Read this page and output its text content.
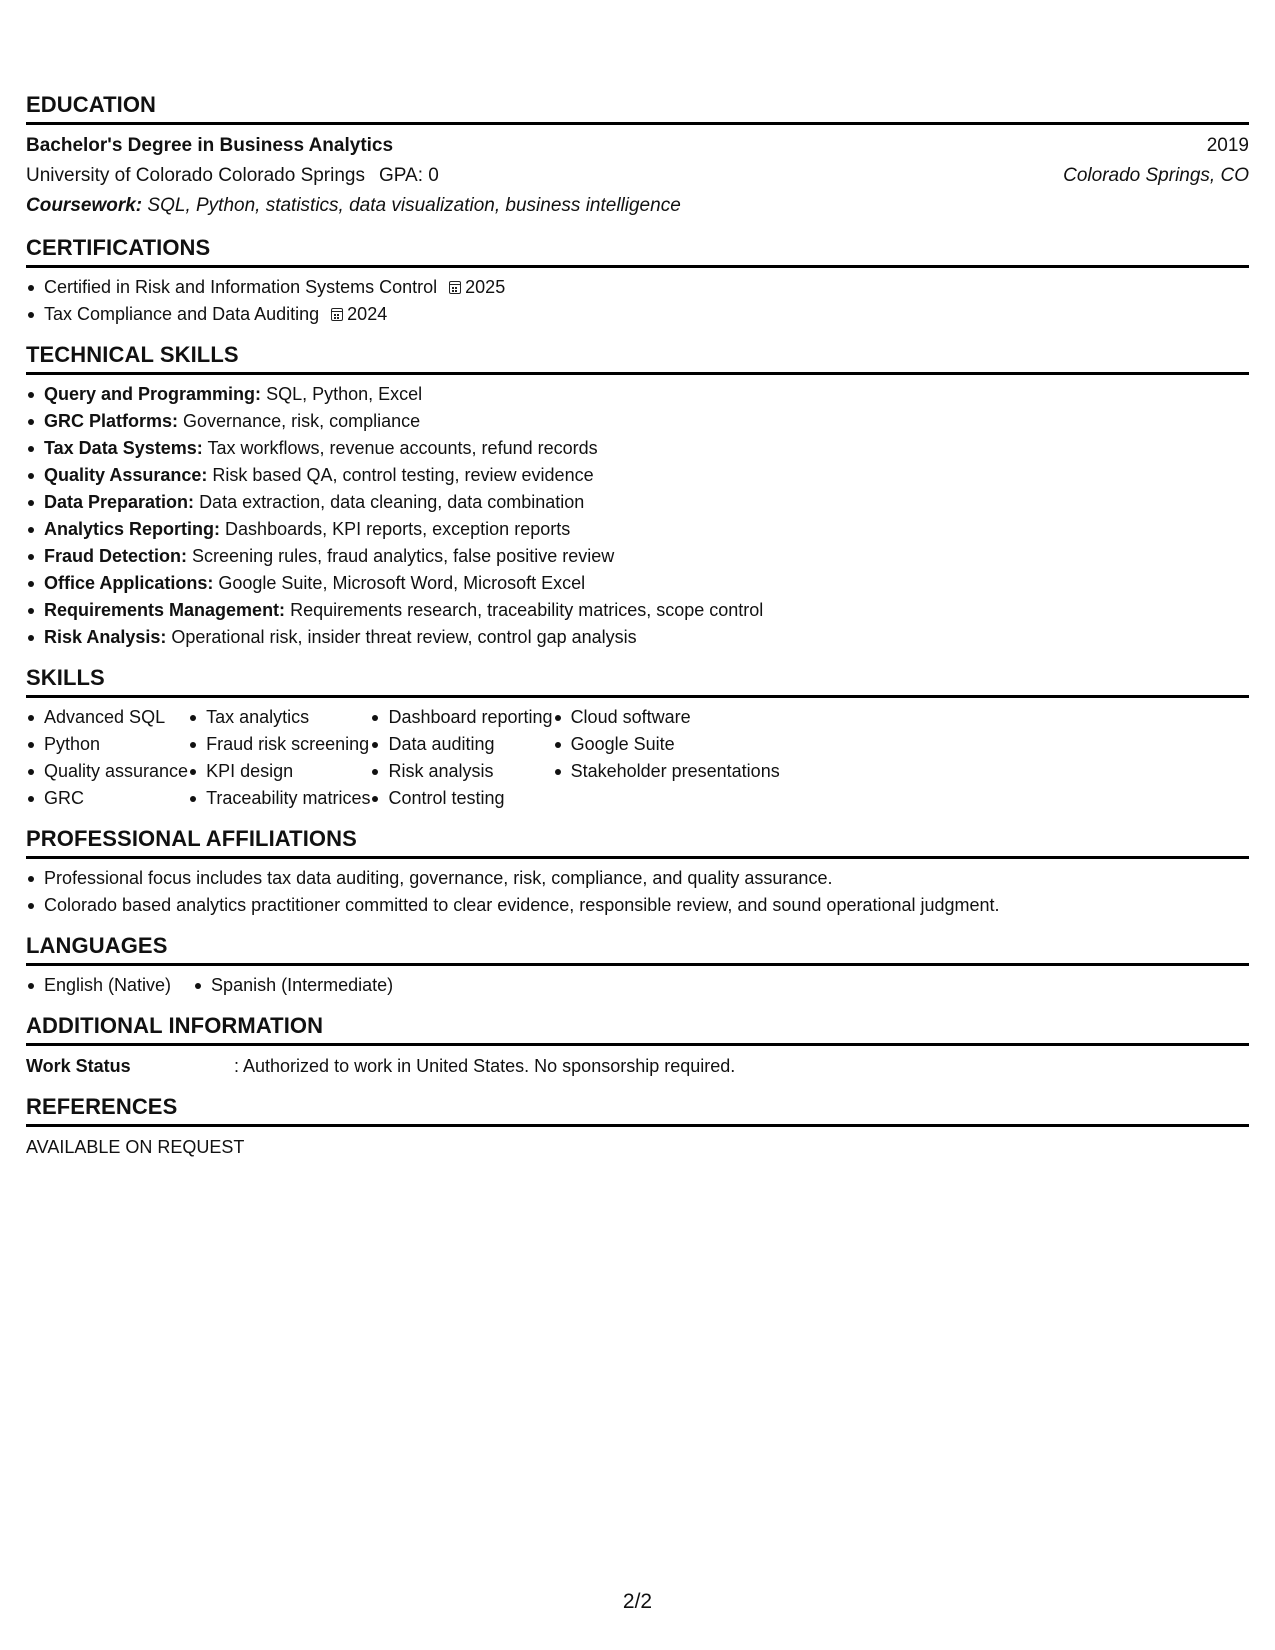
EDUCATION
Bachelor's Degree in Business Analytics	2019
University of Colorado Colorado Springs GPA: 0	Colorado Springs, CO
Coursework: SQL, Python, statistics, data visualization, business intelligence
CERTIFICATIONS
Certified in Risk and Information Systems Control 2025
Tax Compliance and Data Auditing 2024
TECHNICAL SKILLS
Query and Programming: SQL, Python, Excel
GRC Platforms: Governance, risk, compliance
Tax Data Systems: Tax workflows, revenue accounts, refund records
Quality Assurance: Risk based QA, control testing, review evidence
Data Preparation: Data extraction, data cleaning, data combination
Analytics Reporting: Dashboards, KPI reports, exception reports
Fraud Detection: Screening rules, fraud analytics, false positive review
Office Applications: Google Suite, Microsoft Word, Microsoft Excel
Requirements Management: Requirements research, traceability matrices, scope control
Risk Analysis: Operational risk, insider threat review, control gap analysis
SKILLS
Advanced SQL
Python
Quality assurance
GRC
Tax analytics
Fraud risk screening
KPI design
Traceability matrices
Dashboard reporting
Data auditing
Risk analysis
Control testing
Cloud software
Google Suite
Stakeholder presentations
PROFESSIONAL AFFILIATIONS
Professional focus includes tax data auditing, governance, risk, compliance, and quality assurance.
Colorado based analytics practitioner committed to clear evidence, responsible review, and sound operational judgment.
LANGUAGES
English (Native) Spanish (Intermediate)
ADDITIONAL INFORMATION
Work Status	: Authorized to work in United States. No sponsorship required.
REFERENCES
AVAILABLE ON REQUEST
2/2
